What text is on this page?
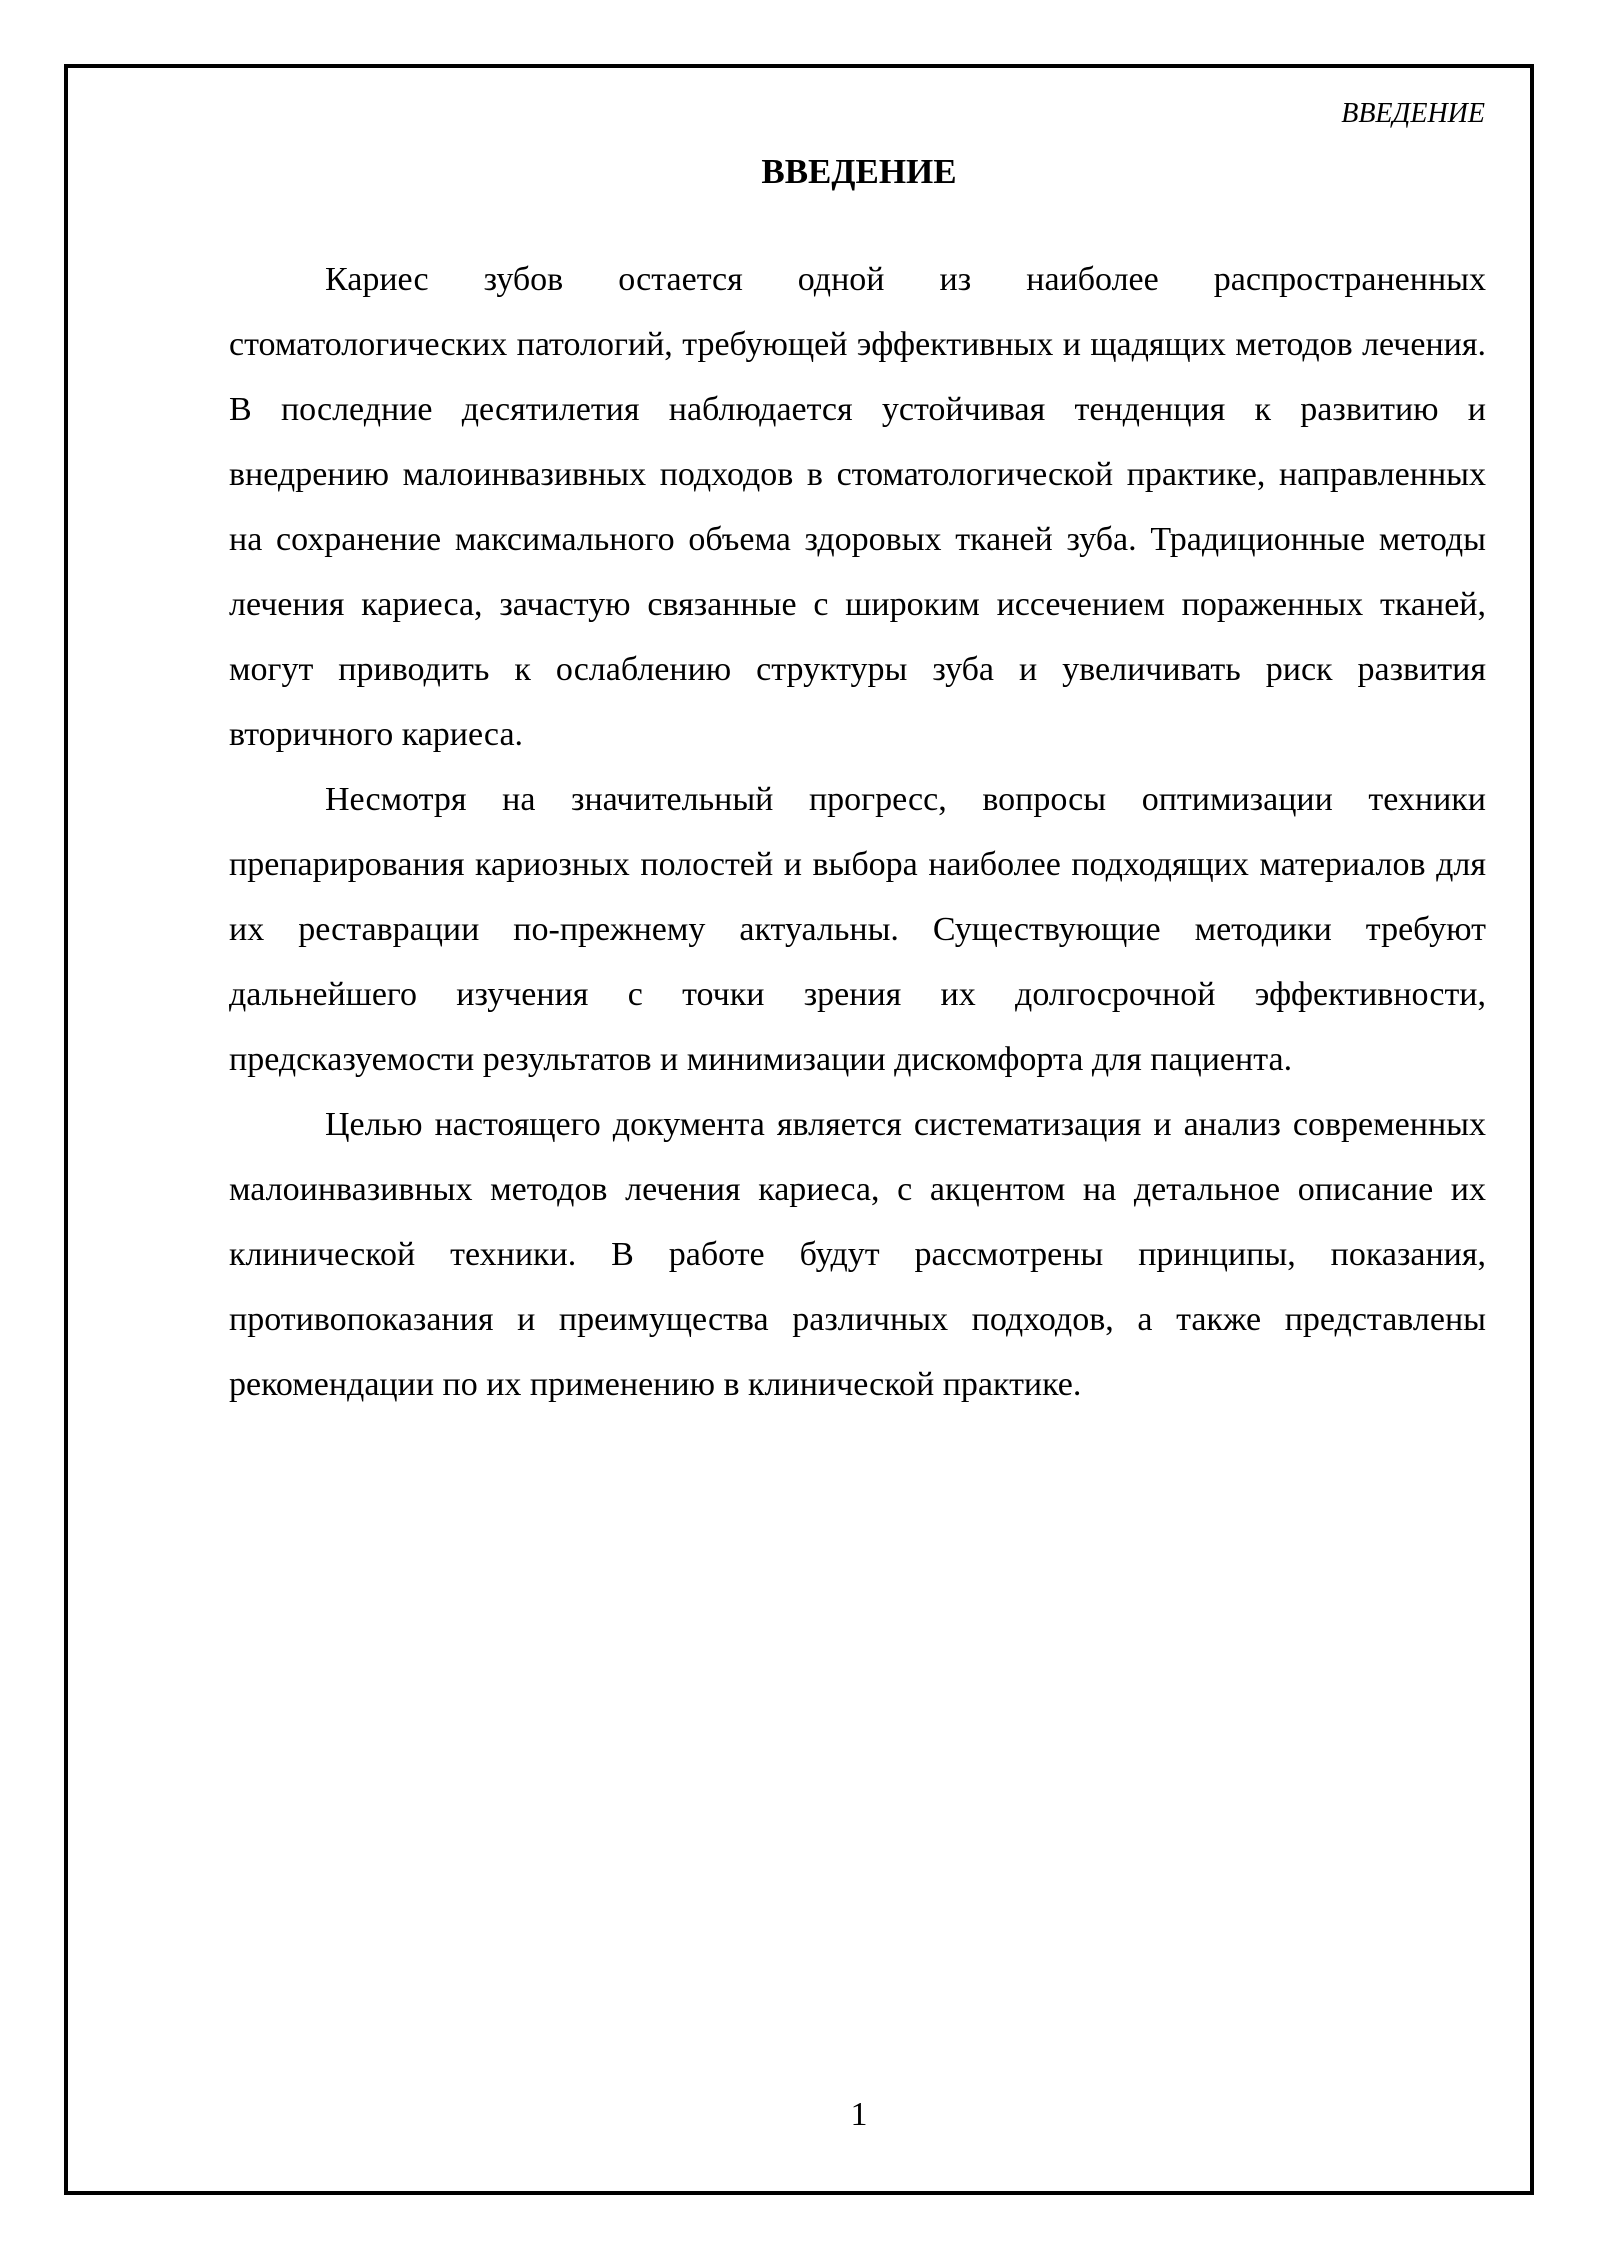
ВВЕДЕНИЕ
ВВЕДЕНИЕ

Кариес зубов остается одной из наиболее распространенных стоматологических патологий, требующей эффективных и щадящих методов лечения. В последние десятилетия наблюдается устойчивая тенденция к развитию и внедрению малоинвазивных подходов в стоматологической практике, направленных на сохранение максимального объема здоровых тканей зуба. Традиционные методы лечения кариеса, зачастую связанные с широким иссечением пораженных тканей, могут приводить к ослаблению структуры зуба и увеличивать риск развития вторичного кариеса.

Несмотря на значительный прогресс, вопросы оптимизации техники препарирования кариозных полостей и выбора наиболее подходящих материалов для их реставрации по-прежнему актуальны. Существующие методики требуют дальнейшего изучения с точки зрения их долгосрочной эффективности, предсказуемости результатов и минимизации дискомфорта для пациента.

Целью настоящего документа является систематизация и анализ современных малоинвазивных методов лечения кариеса, с акцентом на детальное описание их клинической техники. В работе будут рассмотрены принципы, показания, противопоказания и преимущества различных подходов, а также представлены рекомендации по их применению в клинической практике.

1
